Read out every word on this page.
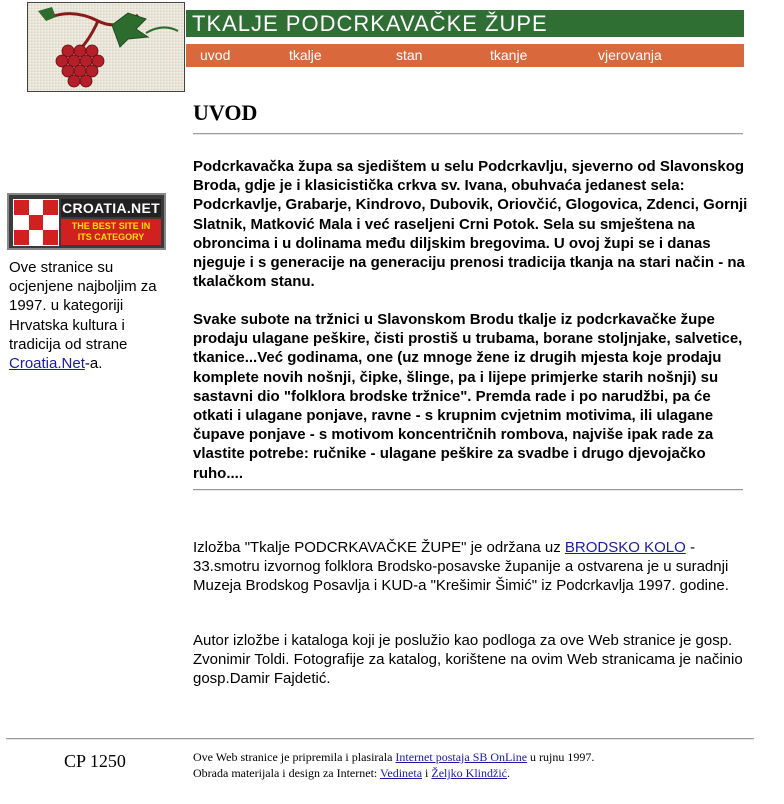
TKALJE PODCRKAVAČKE ŽUPE
uvod	tkalje	stan	tkanje	vjerovanja
UVOD
Podcrkavačka župa sa sjedištem u selu Podcrkavlju, sjeverno od Slavonskog Broda, gdje je i klasicistička crkva sv. Ivana, obuhvaća jedanest sela: Podcrkavlje, Grabarje, Kindrovo, Dubovik, Oriovčić, Glogovica, Zdenci, Gornji Slatnik, Matković Mala i već raseljeni Crni Potok. Sela su smještena na obroncima i u dolinama među diljskim bregovima. U ovoj župi se i danas njeguje i s generacije na generaciju prenosi tradicija tkanja na stari način - na tkalačkom stanu.
Svake subote na tržnici u Slavonskom Brodu tkalje iz podcrkavačke župe prodaju ulagane peškire, čisti prostiš u trubama, borane stoljnjake, salvetice, tkanice...Već godinama, one (uz mnoge žene iz drugih mjesta koje prodaju komplete novih nošnji, čipke, šlinge, pa i lijepe primjerke starih nošnji) su sastavni dio "folklora brodske tržnice". Premda rade i po narudžbi, pa će otkati i ulagane ponjave, ravne - s krupnim cvjetnim motivima, ili ulagane čupave ponjave - s motivom koncentričnih rombova, najviše ipak rade za vlastite potrebe: ručnike - ulagane peškire za svadbe i drugo djevojačko ruho....
Izložba "Tkalje PODCRKAVAČKE ŽUPE" je održana uz BRODSKO KOLO - 33.smotru izvornog folklora Brodsko-posavske županije a ostvarena je u suradnji Muzeja Brodskog Posavlja i KUD-a "Krešimir Šimić" iz Podcrkavlja 1997. godine.
Autor izložbe i kataloga koji je poslužio kao podloga za ove Web stranice je gosp. Zvonimir Toldi. Fotografije za katalog, korištene na ovim Web stranicama je načinio gosp.Damir Fajdetić.
CROATIA.NET
THE BEST SITE IN
ITS CATEGORY
Ove stranice su ocjenjene najboljim za 1997. u kategoriji Hrvatska kultura i tradicija od strane Croatia.Net-a.
CP 1250	Ove Web stranice je pripremila i plasirala Internet postaja SB OnLine u rujnu 1997.
Obrada materijala i design za Internet: Vedineta i Željko Klindžić.
